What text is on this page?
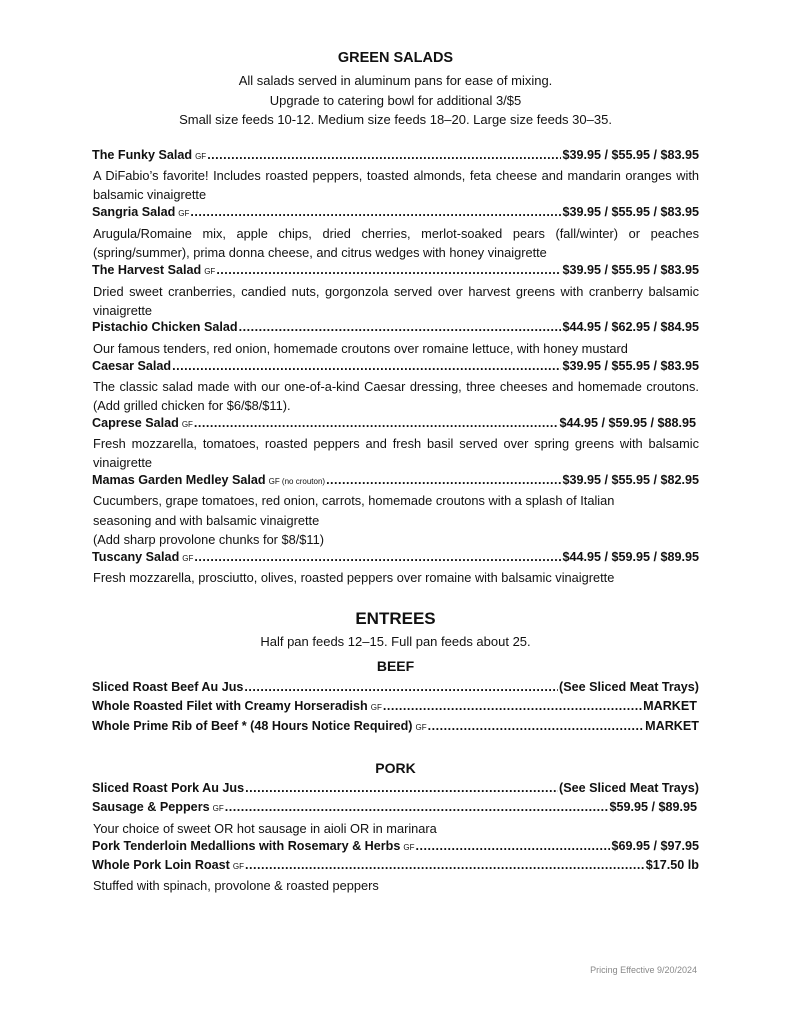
GREEN SALADS
All salads served in aluminum pans for ease of mixing.
Upgrade to catering bowl for additional 3/$5
Small size feeds 10-12. Medium size feeds 18–20. Large size feeds 30–35.
The Funky Salad GF .....	$39.95 / $55.95 / $83.95
A DiFabio’s favorite! Includes roasted peppers, toasted almonds, feta cheese and mandarin oranges with balsamic vinaigrette
Sangria Salad GF .....	$39.95 / $55.95 / $83.95
Arugula/Romaine mix, apple chips, dried cherries, merlot-soaked pears (fall/winter) or peaches (spring/summer), prima donna cheese, and citrus wedges with honey vinaigrette
The Harvest Salad GF .....	$39.95 / $55.95 / $83.95
Dried sweet cranberries, candied nuts, gorgonzola served over harvest greens with cranberry balsamic vinaigrette
Pistachio Chicken Salad .....	$44.95 / $62.95 / $84.95
Our famous tenders, red onion, homemade croutons over romaine lettuce, with honey mustard
Caesar Salad .....	$39.95 / $55.95 / $83.95
The classic salad made with our one-of-a-kind Caesar dressing, three cheeses and homemade croutons. (Add grilled chicken for $6/$8/$11).
Caprese Salad GF .....	$44.95 / $59.95 / $88.95
Fresh mozzarella, tomatoes, roasted peppers and fresh basil served over spring greens with balsamic vinaigrette
Mamas Garden Medley Salad GF (no crouton) .....	$39.95 / $55.95 / $82.95
Cucumbers, grape tomatoes, red onion, carrots, homemade croutons with a splash of Italian
seasoning and with balsamic vinaigrette
(Add sharp provolone chunks for $8/$11)
Tuscany Salad GF .....	$44.95 / $59.95 / $89.95
Fresh mozzarella, prosciutto, olives, roasted peppers over romaine with balsamic vinaigrette
ENTREES
Half pan feeds 12–15. Full pan feeds about 25.
BEEF
Sliced Roast Beef Au Jus .....	(See Sliced Meat Trays)
Whole Roasted Filet with Creamy Horseradish GF .....	MARKET
Whole Prime Rib of Beef * (48 Hours Notice Required) GF .....	MARKET
PORK
Sliced Roast Pork Au Jus .....	(See Sliced Meat Trays)
Sausage & Peppers GF .....	$59.95 / $89.95
Your choice of sweet OR hot sausage in aioli OR in marinara
Pork Tenderloin Medallions with Rosemary & Herbs GF .....	$69.95 / $97.95
Whole Pork Loin Roast GF .....	$17.50 lb
Stuffed with spinach, provolone & roasted peppers
Pricing Effective 9/20/2024
